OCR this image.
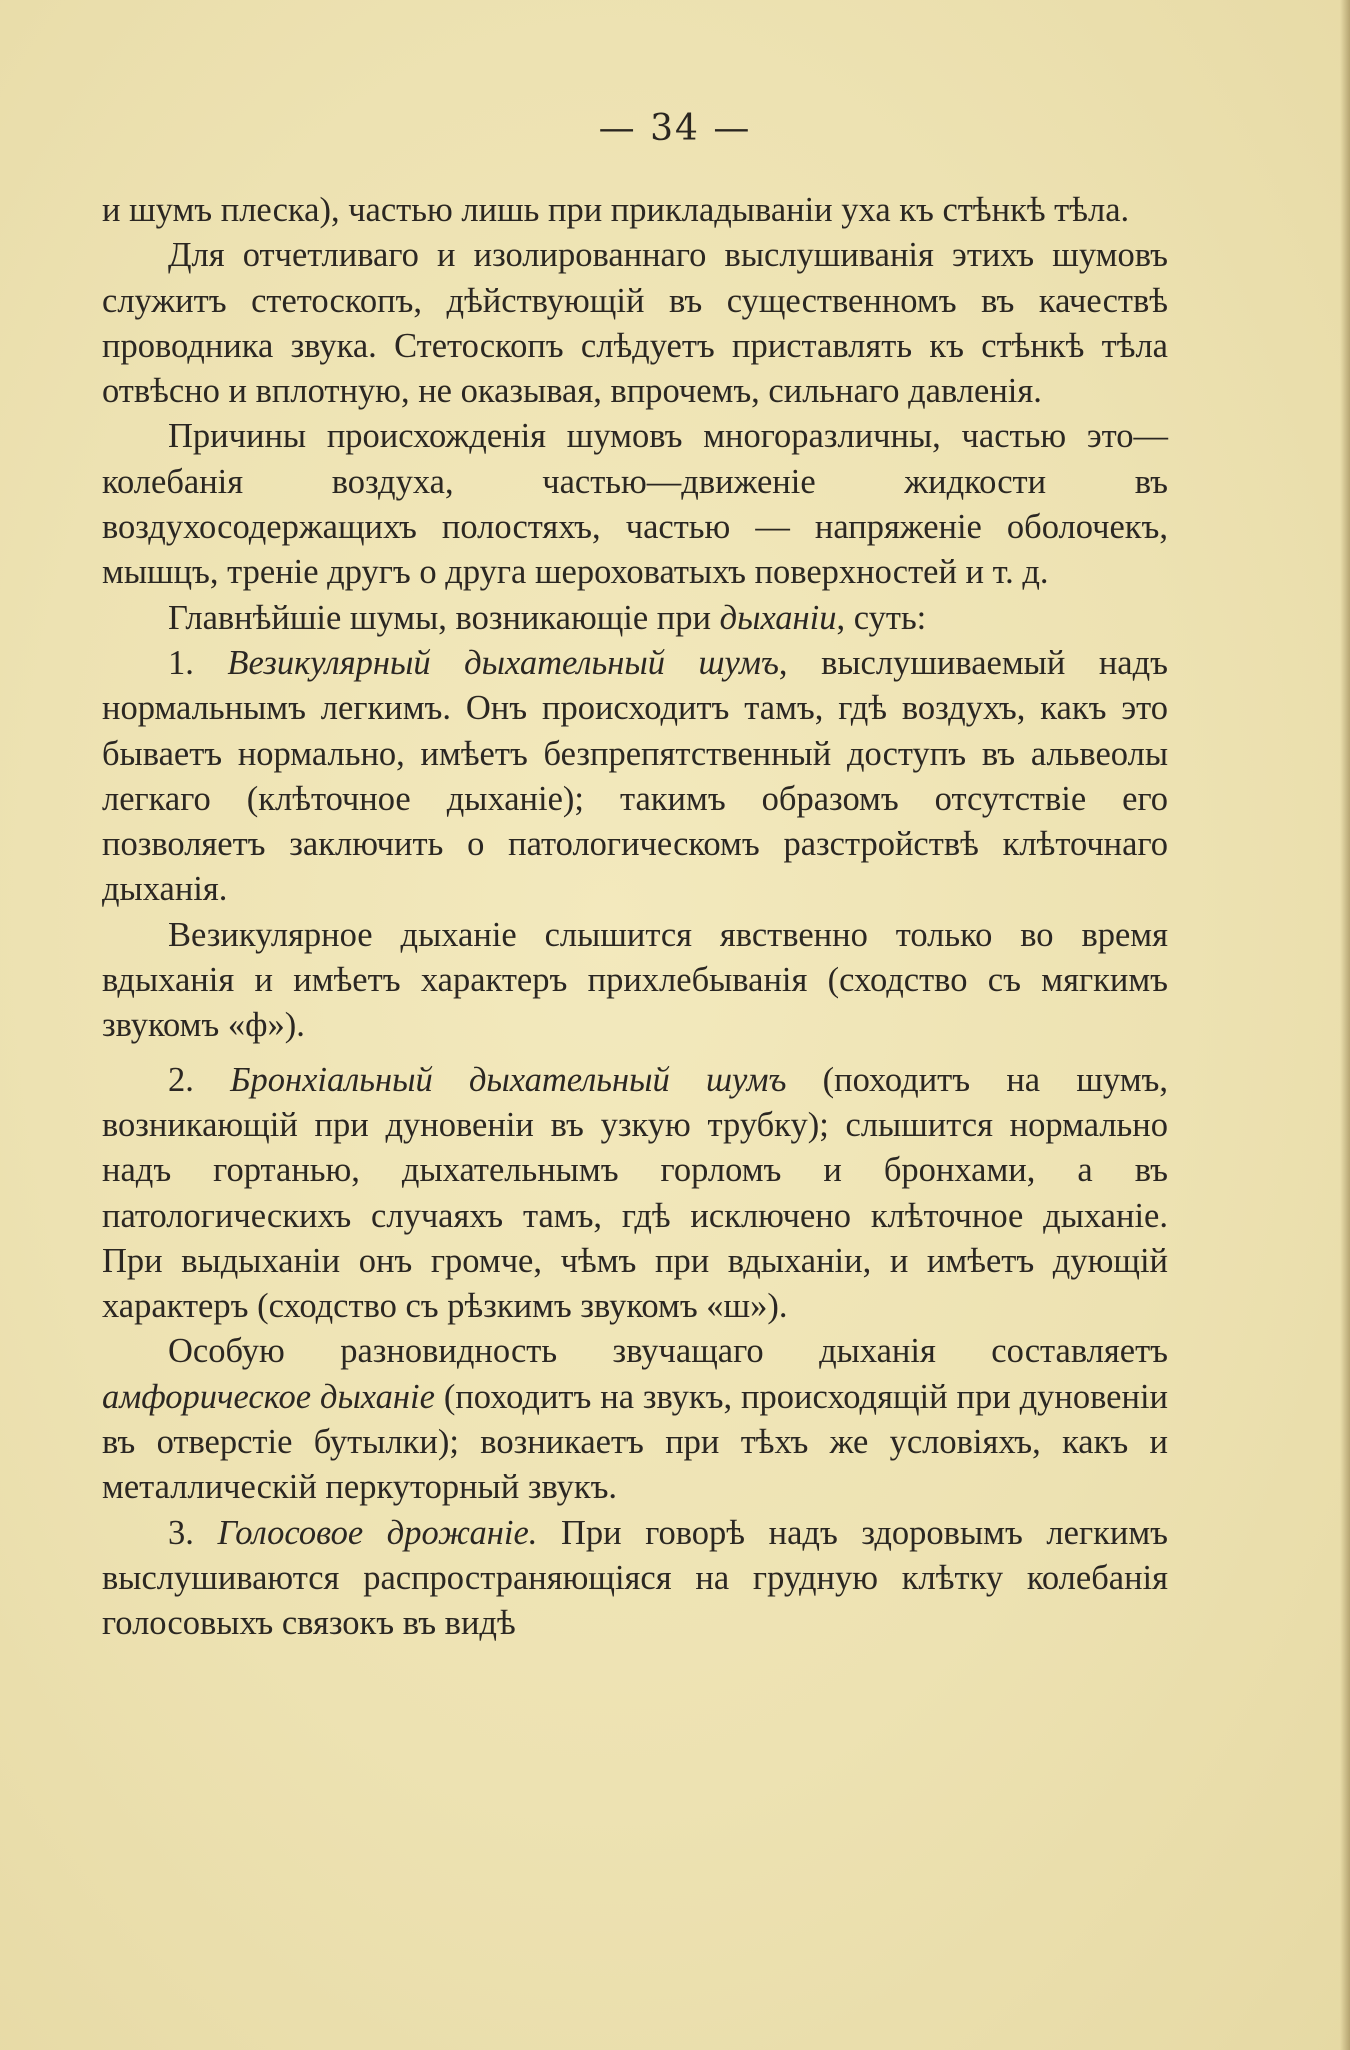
— 34 —

и шумъ плеска), частью лишь при прикладываніи уха къ стѣнкѣ тѣла.

Для отчетливаго и изолированнаго выслушиванія этихъ шумовъ служитъ стетоскопъ, дѣйствующій въ существенномъ въ качествѣ проводника звука. Стетоскопъ слѣдуетъ приставлять къ стѣнкѣ тѣла отвѣсно и вплотную, не оказывая, впрочемъ, сильнаго давленія.

Причины происхожденія шумовъ многоразличны, частью это—колебанія воздуха, частью—движеніе жидкости въ воздухосодержащихъ полостяхъ, частью — напряженіе оболочекъ, мышцъ, треніе другъ о друга шероховатыхъ поверхностей и т. д.

Главнѣйшіе шумы, возникающіе при дыханіи, суть:

1. Везикулярный дыхательный шумъ, выслушиваемый надъ нормальнымъ легкимъ. Онъ происходитъ тамъ, гдѣ воздухъ, какъ это бываетъ нормально, имѣетъ безпрепятственный доступъ въ альвеолы легкаго (клѣточное дыханіе); такимъ образомъ отсутствіе его позволяетъ заключить о патологическомъ разстройствѣ клѣточнаго дыханія.

Везикулярное дыханіе слышится явственно только во время вдыханія и имѣетъ характеръ прихлебыванія (сходство съ мягкимъ звукомъ «ф»).

2. Бронхіальный дыхательный шумъ (походитъ на шумъ, возникающій при дуновеніи въ узкую трубку); слышится нормально надъ гортанью, дыхательнымъ горломъ и бронхами, а въ патологическихъ случаяхъ тамъ, гдѣ исключено клѣточное дыханіе. При выдыханіи онъ громче, чѣмъ при вдыханіи, и имѣетъ дующій характеръ (сходство съ рѣзкимъ звукомъ «ш»).

Особую разновидность звучащаго дыханія составляетъ амфорическое дыханіе (походитъ на звукъ, происходящій при дуновеніи въ отверстіе бутылки); возникаетъ при тѣхъ же условіяхъ, какъ и металлическій перкуторный звукъ.

3. Голосовое дрожаніе. При говорѣ надъ здоровымъ легкимъ выслушиваются распространяющіяся на грудную клѣтку колебанія голосовыхъ связокъ въ видѣ
